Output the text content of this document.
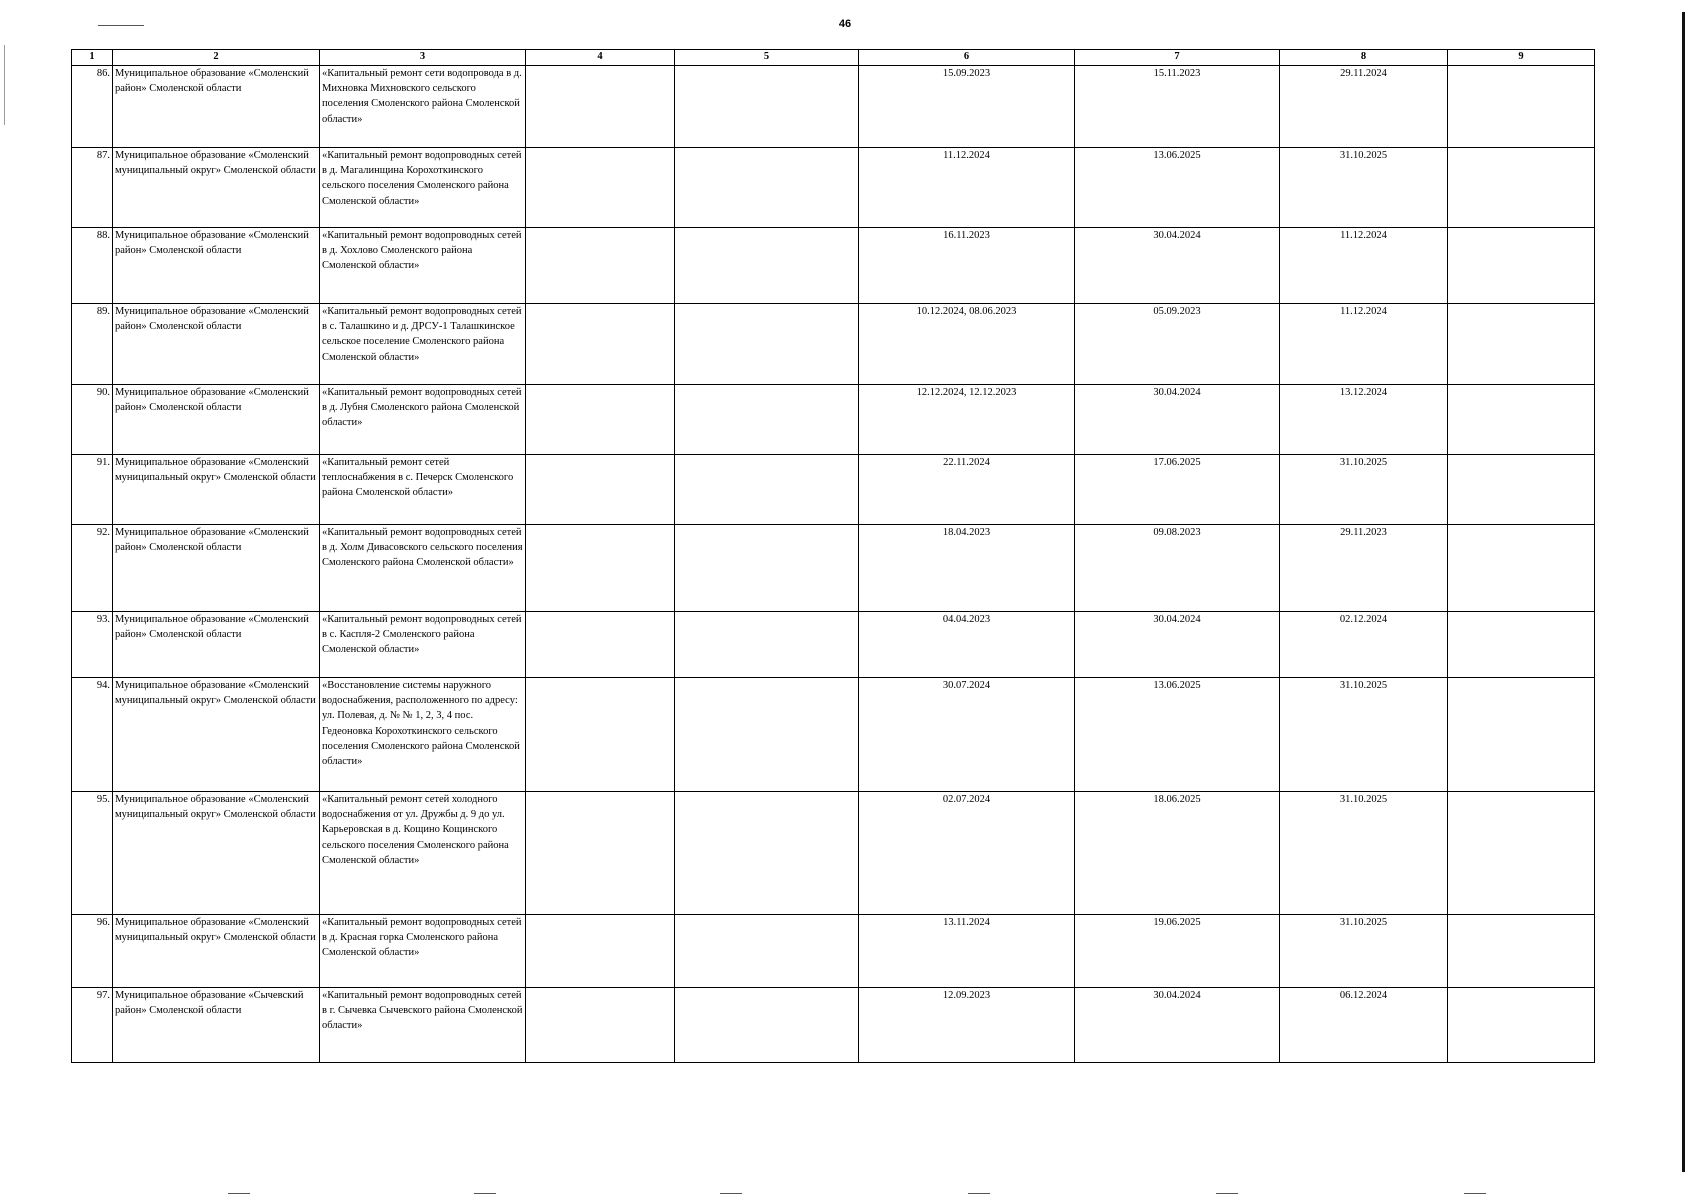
46
1	2	3	4	5	6	7	8	9
86.	Муниципальное образование «Смоленский район» Смоленской области	«Капитальный ремонт сети водопровода в д. Михновка Михновского сельского поселения Смоленского района Смоленской области»			15.09.2023	15.11.2023	29.11.2024	
87.	Муниципальное образование «Смоленский муниципальный округ» Смоленской области	«Капитальный ремонт водопроводных сетей в д. Магалинщина Корохоткинского сельского поселения Смоленского района Смоленской области»			11.12.2024	13.06.2025	31.10.2025	
88.	Муниципальное образование «Смоленский район» Смоленской области	«Капитальный ремонт водопроводных сетей в д. Хохлово Смоленского района Смоленской области»			16.11.2023	30.04.2024	11.12.2024	
89.	Муниципальное образование «Смоленский район» Смоленской области	«Капитальный ремонт водопроводных сетей в с. Талашкино и д. ДРСУ-1 Талашкинское сельское поселение Смоленского района Смоленской области»			10.12.2024, 08.06.2023	05.09.2023	11.12.2024	
90.	Муниципальное образование «Смоленский район» Смоленской области	«Капитальный ремонт водопроводных сетей в д. Лубня Смоленского района Смоленской области»			12.12.2024, 12.12.2023	30.04.2024	13.12.2024	
91.	Муниципальное образование «Смоленский муниципальный округ» Смоленской области	«Капитальный ремонт сетей теплоснабжения в с. Печерск Смоленского района Смоленской области»			22.11.2024	17.06.2025	31.10.2025	
92.	Муниципальное образование «Смоленский район» Смоленской области	«Капитальный ремонт водопроводных сетей в д. Холм Дивасовского сельского поселения Смоленского района Смоленской области»			18.04.2023	09.08.2023	29.11.2023	
93.	Муниципальное образование «Смоленский район» Смоленской области	«Капитальный ремонт водопроводных сетей в с. Каспля-2 Смоленского района Смоленской области»			04.04.2023	30.04.2024	02.12.2024	
94.	Муниципальное образование «Смоленский муниципальный округ» Смоленской области	«Восстановление системы наружного водоснабжения, расположенного по адресу: ул. Полевая, д. № № 1, 2, 3, 4 пос. Гедеоновка Корохоткинского сельского поселения Смоленского района Смоленской области»			30.07.2024	13.06.2025	31.10.2025	
95.	Муниципальное образование «Смоленский муниципальный округ» Смоленской области	«Капитальный ремонт сетей холодного водоснабжения от ул. Дружбы д. 9 до ул. Карьеровская в д. Кощино Кощинского сельского поселения Смоленского района Смоленской области»			02.07.2024	18.06.2025	31.10.2025	
96.	Муниципальное образование «Смоленский муниципальный округ» Смоленской области	«Капитальный ремонт водопроводных сетей в д. Красная горка Смоленского района Смоленской области»			13.11.2024	19.06.2025	31.10.2025	
97.	Муниципальное образование «Сычевский район» Смоленской области	«Капитальный ремонт водопроводных сетей в г. Сычевка Сычевского района Смоленской области»			12.09.2023	30.04.2024	06.12.2024	
